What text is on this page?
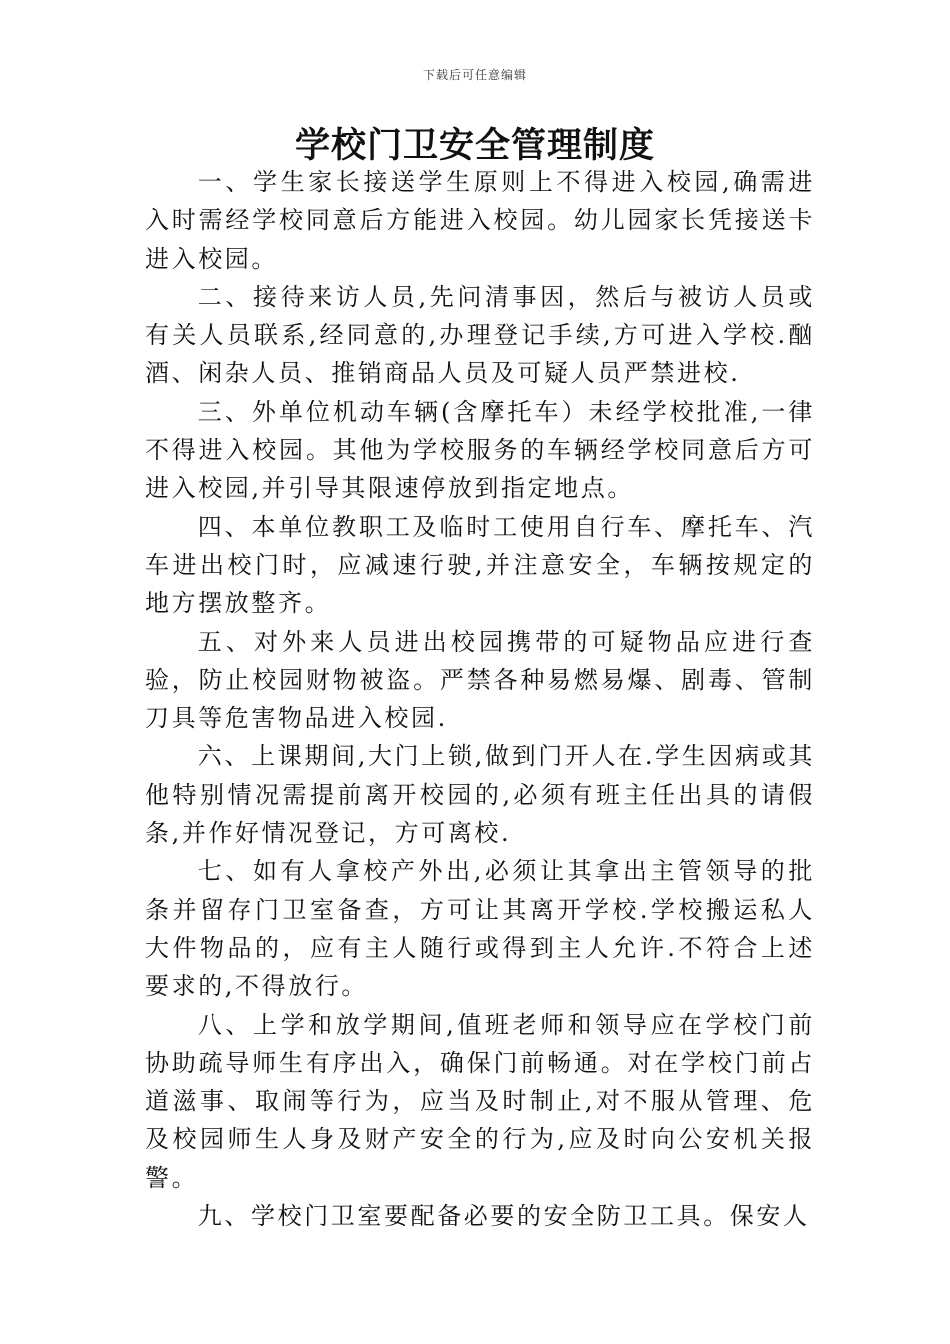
下载后可任意编辑
学校门卫安全管理制度

一、学生家长接送学生原则上不得进入校园,确需进入时需经学校同意后方能进入校园。幼儿园家长凭接送卡进入校园。

二、接待来访人员,先问清事因，然后与被访人员或有关人员联系,经同意的,办理登记手续,方可进入学校.酗酒、闲杂人员、推销商品人员及可疑人员严禁进校.

三、外单位机动车辆(含摩托车）未经学校批准,一律不得进入校园。其他为学校服务的车辆经学校同意后方可进入校园,并引导其限速停放到指定地点。

四、本单位教职工及临时工使用自行车、摩托车、汽车进出校门时，应减速行驶,并注意安全，车辆按规定的地方摆放整齐。

五、对外来人员进出校园携带的可疑物品应进行查验，防止校园财物被盗。严禁各种易燃易爆、剧毒、管制刀具等危害物品进入校园.

六、上课期间,大门上锁,做到门开人在.学生因病或其他特别情况需提前离开校园的,必须有班主任出具的请假条,并作好情况登记，方可离校.

七、如有人拿校产外出,必须让其拿出主管领导的批条并留存门卫室备查，方可让其离开学校.学校搬运私人大件物品的，应有主人随行或得到主人允许.不符合上述要求的,不得放行。

八、上学和放学期间,值班老师和领导应在学校门前协助疏导师生有序出入，确保门前畅通。对在学校门前占道滋事、取闹等行为，应当及时制止,对不服从管理、危及校园师生人身及财产安全的行为,应及时向公安机关报警。

九、学校门卫室要配备必要的安全防卫工具。保安人
